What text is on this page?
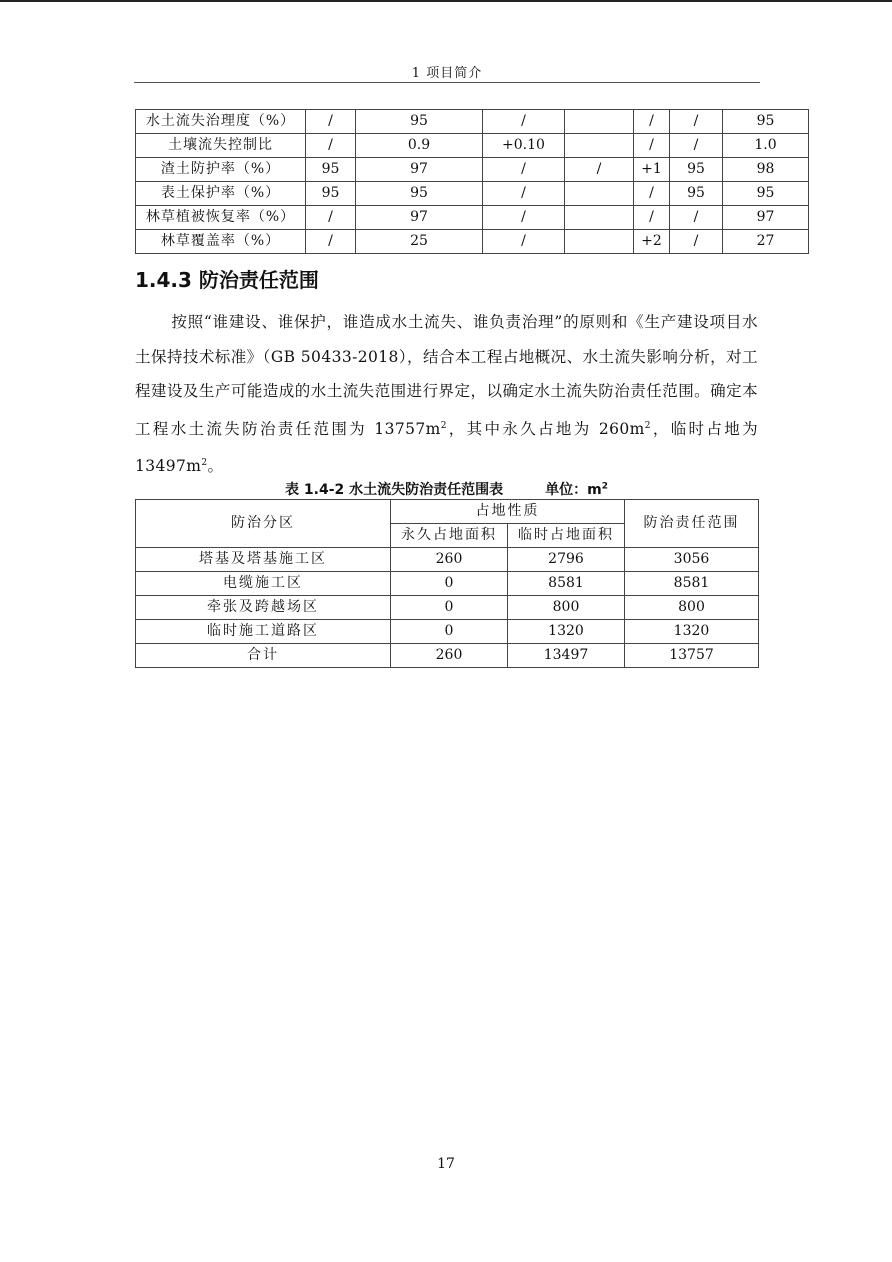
1 项目简介
水土流失治理度（%）	/	95	/		/	/	95
土壤流失控制比	/	0.9	+0.10		/	/	1.0
渣土防护率（%）	95	97	/	/	+1	95	98
表土保护率（%）	95	95	/		/	95	95
林草植被恢复率（%）	/	97	/		/	/	97
林草覆盖率（%）	/	25	/		+2	/	27
1.4.3 防治责任范围
按照“谁建设、谁保护，谁造成水土流失、谁负责治理”的原则和《生产建设项目水土保持技术标准》（GB 50433-2018），结合本工程占地概况、水土流失影响分析，对工程建设及生产可能造成的水土流失范围进行界定，以确定水土流失防治责任范围。确定本工程水土流失防治责任范围为 $13757m^2$，其中永久占地为 $260m^2$，临时占地为 $13497m^2$。
表 1.4-2 水土流失防治责任范围表	单位：$m^2$
防治分区	占地性质		防治责任范围
	永久占地面积	临时占地面积	
塔基及塔基施工区	260	2796	3056
电缆施工区	0	8581	8581
牵张及跨越场区	0	800	800
临时施工道路区	0	1320	1320
合计	260	13497	13757
17
